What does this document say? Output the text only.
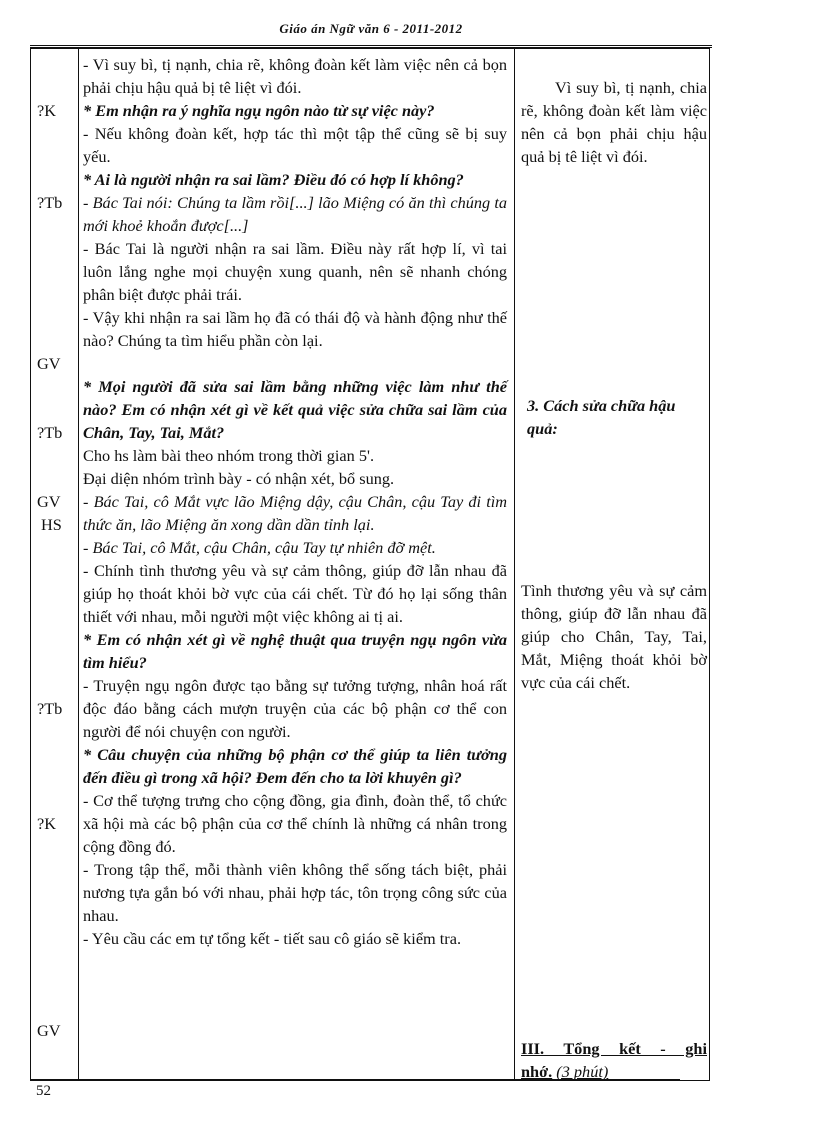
Giáo án Ngữ văn 6 - 2011-2012
?K
?Tb
GV
?Tb
GV
HS
?Tb
?K
GV
- Vì suy bì, tị nạnh, chia rẽ, không đoàn kết làm việc nên cả bọn phải chịu hậu quả bị tê liệt vì đói.
* Em nhận ra ý nghĩa ngụ ngôn nào từ sự việc này?
- Nếu không đoàn kết, hợp tác thì một tập thể cũng sẽ bị suy yếu.
* Ai là người nhận ra sai lầm? Điều đó có hợp lí không?
- Bác Tai nói: Chúng ta lầm rồi[...] lão Miệng có ăn thì chúng ta mới khoẻ khoắn được[...]
- Bác Tai là người nhận ra sai lầm. Điều này rất hợp lí, vì tai luôn lắng nghe mọi chuyện xung quanh, nên sẽ nhanh chóng phân biệt được phải trái.
- Vậy khi nhận ra sai lầm họ đã có thái độ và hành động như thế nào? Chúng ta tìm hiểu phần còn lại.
* Mọi người đã sửa sai lầm bằng những việc làm như thế nào? Em có nhận xét gì về kết quả việc sửa chữa sai lầm của Chân, Tay, Tai, Mắt?
Cho hs làm bài theo nhóm trong thời gian 5'.
Đại diện nhóm trình bày - có nhận xét, bổ sung.
- Bác Tai, cô Mắt vực lão Miệng dậy, cậu Chân, cậu Tay đi tìm thức ăn, lão Miệng ăn xong dần dần tỉnh lại.
- Bác Tai, cô Mắt, cậu Chân, cậu Tay tự nhiên đỡ mệt.
- Chính tình thương yêu và sự cảm thông, giúp đỡ lẫn nhau đã giúp họ thoát khỏi bờ vực của cái chết. Từ đó họ lại sống thân thiết với nhau, mỗi người một việc không ai tị ai.
* Em có nhận xét gì về nghệ thuật qua truyện ngụ ngôn vừa tìm hiểu?
- Truyện ngụ ngôn được tạo bằng sự tưởng tượng, nhân hoá rất độc đáo bằng cách mượn truyện của các bộ phận cơ thể con người để nói chuyện con người.
* Câu chuyện của những bộ phận cơ thể giúp ta liên tưởng đến điều gì trong xã hội? Đem đến cho ta lời khuyên gì?
- Cơ thể tượng trưng cho cộng đồng, gia đình, đoàn thể, tổ chức xã hội mà các bộ phận của cơ thể chính là những cá nhân trong cộng đồng đó.
- Trong tập thể, mỗi thành viên không thể sống tách biệt, phải nương tựa gắn bó với nhau, phải hợp tác, tôn trọng công sức của nhau.
- Yêu cầu các em tự tổng kết - tiết sau cô giáo sẽ kiểm tra.
Vì suy bì, tị nạnh, chia rẽ, không đoàn kết làm việc nên cả bọn phải chịu hậu quả bị tê liệt vì đói.
3. Cách sửa chữa hậu quả:
Tình thương yêu và sự cảm thông, giúp đỡ lẫn nhau đã giúp cho Chân, Tay, Tai, Mắt, Miệng thoát khỏi bờ vực của cái chết.
III. Tổng kết - ghi
nhớ. (3 phút)
52
